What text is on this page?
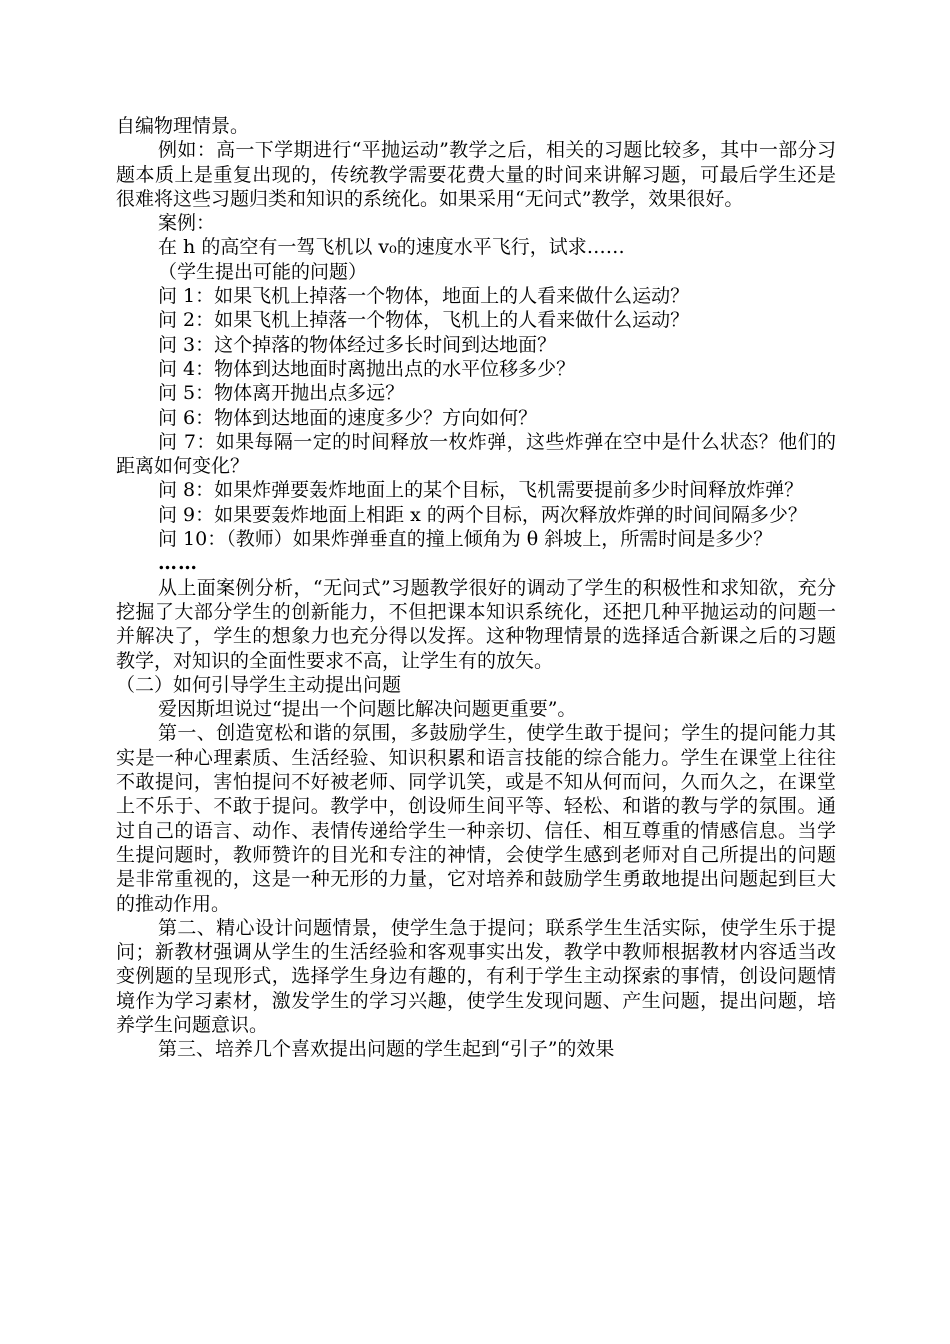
自编物理情景。

例如：高一下学期进行“平抛运动”教学之后，相关的习题比较多，其中一部分习题本质上是重复出现的，传统教学需要花费大量的时间来讲解习题，可最后学生还是很难将这些习题归类和知识的系统化。如果采用“无问式”教学，效果很好。

案例：

在 h 的高空有一驾飞机以 v₀的速度水平飞行，试求……

（学生提出可能的问题）

问 1：如果飞机上掉落一个物体，地面上的人看来做什么运动？

问 2：如果飞机上掉落一个物体，飞机上的人看来做什么运动？

问 3：这个掉落的物体经过多长时间到达地面？

问 4：物体到达地面时离抛出点的水平位移多少？

问 5：物体离开抛出点多远？

问 6：物体到达地面的速度多少？方向如何？

问 7：如果每隔一定的时间释放一枚炸弹，这些炸弹在空中是什么状态？他们的距离如何变化？

问 8：如果炸弹要轰炸地面上的某个目标，飞机需要提前多少时间释放炸弹？

问 9：如果要轰炸地面上相距 x 的两个目标，两次释放炸弹的时间间隔多少？

问 10：（教师）如果炸弹垂直的撞上倾角为 θ 斜坡上，所需时间是多少？

……

从上面案例分析，“无问式”习题教学很好的调动了学生的积极性和求知欲，充分挖掘了大部分学生的创新能力，不但把课本知识系统化，还把几种平抛运动的问题一并解决了，学生的想象力也充分得以发挥。这种物理情景的选择适合新课之后的习题教学，对知识的全面性要求不高，让学生有的放矢。

（二）如何引导学生主动提出问题

爱因斯坦说过“提出一个问题比解决问题更重要”。

第一、创造宽松和谐的氛围，多鼓励学生，使学生敢于提问；学生的提问能力其实是一种心理素质、生活经验、知识积累和语言技能的综合能力。学生在课堂上往往不敢提问，害怕提问不好被老师、同学讥笑，或是不知从何而问，久而久之，在课堂上不乐于、不敢于提问。教学中，创设师生间平等、轻松、和谐的教与学的氛围。通过自己的语言、动作、表情传递给学生一种亲切、信任、相互尊重的情感信息。当学生提问题时，教师赞许的目光和专注的神情，会使学生感到老师对自己所提出的问题是非常重视的，这是一种无形的力量，它对培养和鼓励学生勇敢地提出问题起到巨大的推动作用。

第二、精心设计问题情景，使学生急于提问；联系学生生活实际，使学生乐于提问；新教材强调从学生的生活经验和客观事实出发，教学中教师根据教材内容适当改变例题的呈现形式，选择学生身边有趣的，有利于学生主动探索的事情，创设问题情境作为学习素材，激发学生的学习兴趣，使学生发现问题、产生问题，提出问题，培养学生问题意识。

第三、培养几个喜欢提出问题的学生起到“引子”的效果
